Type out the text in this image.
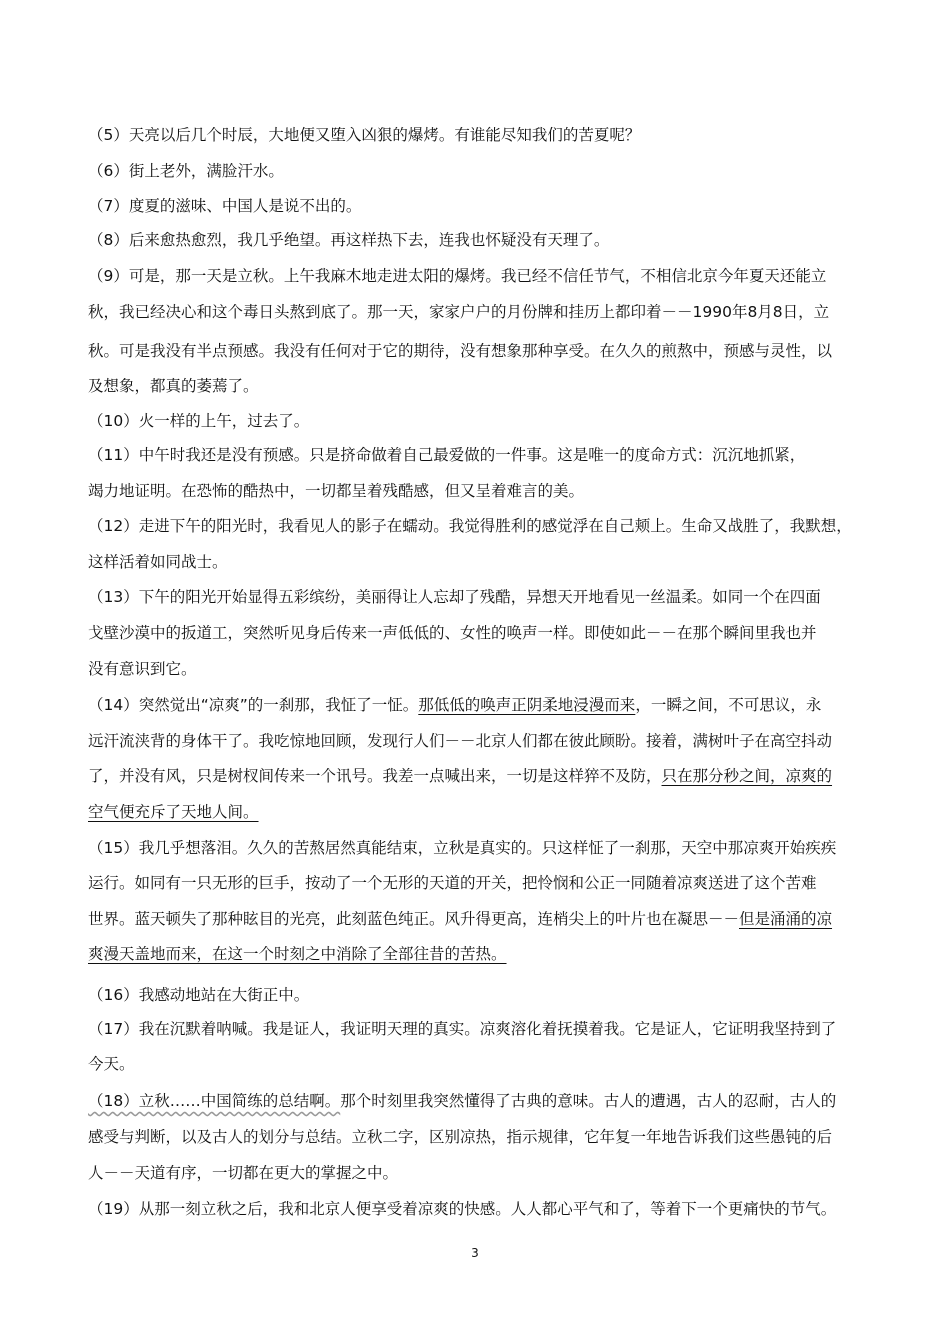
（5）天亮以后几个时辰，大地便又堕入凶狠的爆烤。有谁能尽知我们的苦夏呢？
（6）街上老外，满脸汗水。
（7）度夏的滋味、中国人是说不出的。
（8）后来愈热愈烈，我几乎绝望。再这样热下去，连我也怀疑没有天理了。
（9）可是，那一天是立秋。上午我麻木地走进太阳的爆烤。我已经不信任节气，不相信北京今年夏天还能立
秋，我已经决心和这个毒日头熬到底了。那一天，家家户户的月份牌和挂历上都印着－－1990年8月8日，立
秋。可是我没有半点预感。我没有任何对于它的期待，没有想象那种享受。在久久的煎熬中，预感与灵性，以
及想象，都真的萎蔫了。
（10）火一样的上午，过去了。
（11）中午时我还是没有预感。只是挤命做着自己最爱做的一件事。这是唯一的度命方式：沉沉地抓紧，
竭力地证明。在恐怖的酷热中，一切都呈着残酷感，但又呈着难言的美。
（12）走进下午的阳光时，我看见人的影子在蠕动。我觉得胜利的感觉浮在自己颊上。生命又战胜了，我默想，
这样活着如同战士。
（13）下午的阳光开始显得五彩缤纷，美丽得让人忘却了残酷，异想天开地看见一丝温柔。如同一个在四面
戈壁沙漠中的扳道工，突然听见身后传来一声低低的、女性的唤声一样。即使如此－－在那个瞬间里我也并
没有意识到它。
（14）突然觉出“凉爽”的一刹那，我怔了一怔。那低低的唤声正阴柔地浸漫而来，一瞬之间，不可思议，永
远汗流浃背的身体干了。我吃惊地回顾，发现行人们－－北京人们都在彼此顾盼。接着，满树叶子在高空抖动
了，并没有风，只是树杈间传来一个讯号。我差一点喊出来，一切是这样猝不及防，只在那分秒之间，凉爽的
空气便充斥了天地人间。
（15）我几乎想落泪。久久的苦熬居然真能结束，立秋是真实的。只这样怔了一刹那，天空中那凉爽开始疾疾
运行。如同有一只无形的巨手，按动了一个无形的天道的开关，把怜悯和公正一同随着凉爽送进了这个苦难
世界。蓝天顿失了那种眩目的光亮，此刻蓝色纯正。风升得更高，连梢尖上的叶片也在凝思－－但是涌涌的凉
爽漫天盖地而来，在这一个时刻之中消除了全部往昔的苦热。
（16）我感动地站在大街正中。
（17）我在沉默着呐喊。我是证人，我证明天理的真实。凉爽溶化着抚摸着我。它是证人，它证明我坚持到了
今天。
（18）立秋……中国简练的总结啊。那个时刻里我突然懂得了古典的意味。古人的遭遇，古人的忍耐，古人的
感受与判断，以及古人的划分与总结。立秋二字，区别凉热，指示规律，它年复一年地告诉我们这些愚钝的后
人－－天道有序，一切都在更大的掌握之中。
（19）从那一刻立秋之后，我和北京人便享受着凉爽的快感。人人都心平气和了，等着下一个更痛快的节气。
3
